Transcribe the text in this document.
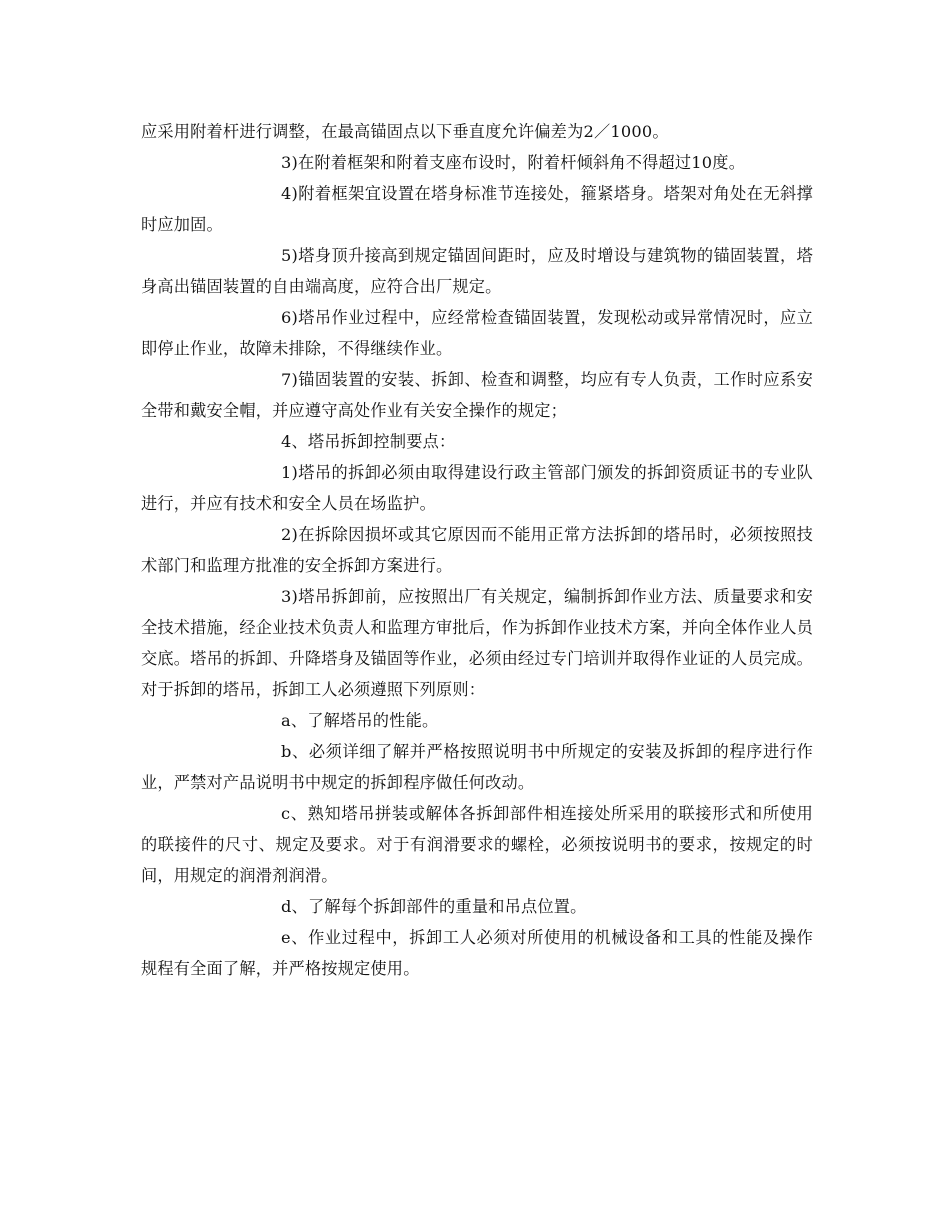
应采用附着杆进行调整，在最高锚固点以下垂直度允许偏差为2／1000。

3)在附着框架和附着支座布设时，附着杆倾斜角不得超过10度。

4)附着框架宜设置在塔身标准节连接处，箍紧塔身。塔架对角处在无斜撑时应加固。

5)塔身顶升接高到规定锚固间距时，应及时增设与建筑物的锚固装置，塔身高出锚固装置的自由端高度，应符合出厂规定。

6)塔吊作业过程中，应经常检查锚固装置，发现松动或异常情况时，应立即停止作业，故障未排除，不得继续作业。

7)锚固装置的安装、拆卸、检查和调整，均应有专人负责，工作时应系安全带和戴安全帽，并应遵守高处作业有关安全操作的规定；

4、塔吊拆卸控制要点：

1)塔吊的拆卸必须由取得建设行政主管部门颁发的拆卸资质证书的专业队进行，并应有技术和安全人员在场监护。

2)在拆除因损坏或其它原因而不能用正常方法拆卸的塔吊时，必须按照技术部门和监理方批准的安全拆卸方案进行。

3)塔吊拆卸前，应按照出厂有关规定，编制拆卸作业方法、质量要求和安全技术措施，经企业技术负责人和监理方审批后，作为拆卸作业技术方案，并向全体作业人员交底。塔吊的拆卸、升降塔身及锚固等作业，必须由经过专门培训并取得作业证的人员完成。对于拆卸的塔吊，拆卸工人必须遵照下列原则：

a、了解塔吊的性能。

b、必须详细了解并严格按照说明书中所规定的安装及拆卸的程序进行作业，严禁对产品说明书中规定的拆卸程序做任何改动。

c、熟知塔吊拼装或解体各拆卸部件相连接处所采用的联接形式和所使用的联接件的尺寸、规定及要求。对于有润滑要求的螺栓，必须按说明书的要求，按规定的时间，用规定的润滑剂润滑。

d、了解每个拆卸部件的重量和吊点位置。

e、作业过程中，拆卸工人必须对所使用的机械设备和工具的性能及操作规程有全面了解，并严格按规定使用。
